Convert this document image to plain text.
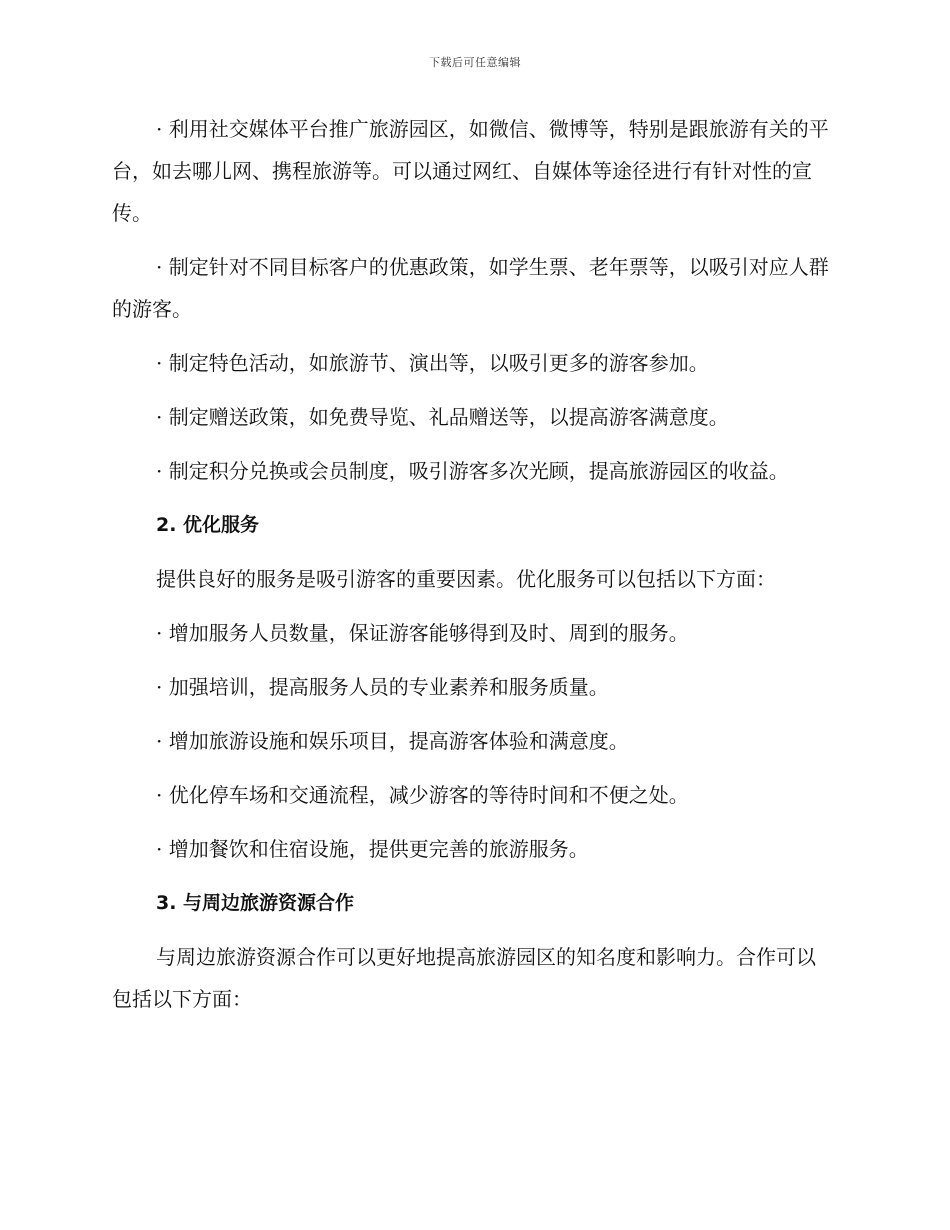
下载后可任意编辑

· 利用社交媒体平台推广旅游园区，如微信、微博等，特别是跟旅游有关的平台，如去哪儿网、携程旅游等。可以通过网红、自媒体等途径进行有针对性的宣传。

· 制定针对不同目标客户的优惠政策，如学生票、老年票等，以吸引对应人群的游客。

· 制定特色活动，如旅游节、演出等，以吸引更多的游客参加。

· 制定赠送政策，如免费导览、礼品赠送等，以提高游客满意度。

· 制定积分兑换或会员制度，吸引游客多次光顾，提高旅游园区的收益。

2. 优化服务

提供良好的服务是吸引游客的重要因素。优化服务可以包括以下方面：

· 增加服务人员数量，保证游客能够得到及时、周到的服务。

· 加强培训，提高服务人员的专业素养和服务质量。

· 增加旅游设施和娱乐项目，提高游客体验和满意度。

· 优化停车场和交通流程，减少游客的等待时间和不便之处。

· 增加餐饮和住宿设施，提供更完善的旅游服务。

3. 与周边旅游资源合作

与周边旅游资源合作可以更好地提高旅游园区的知名度和影响力。合作可以包括以下方面：
